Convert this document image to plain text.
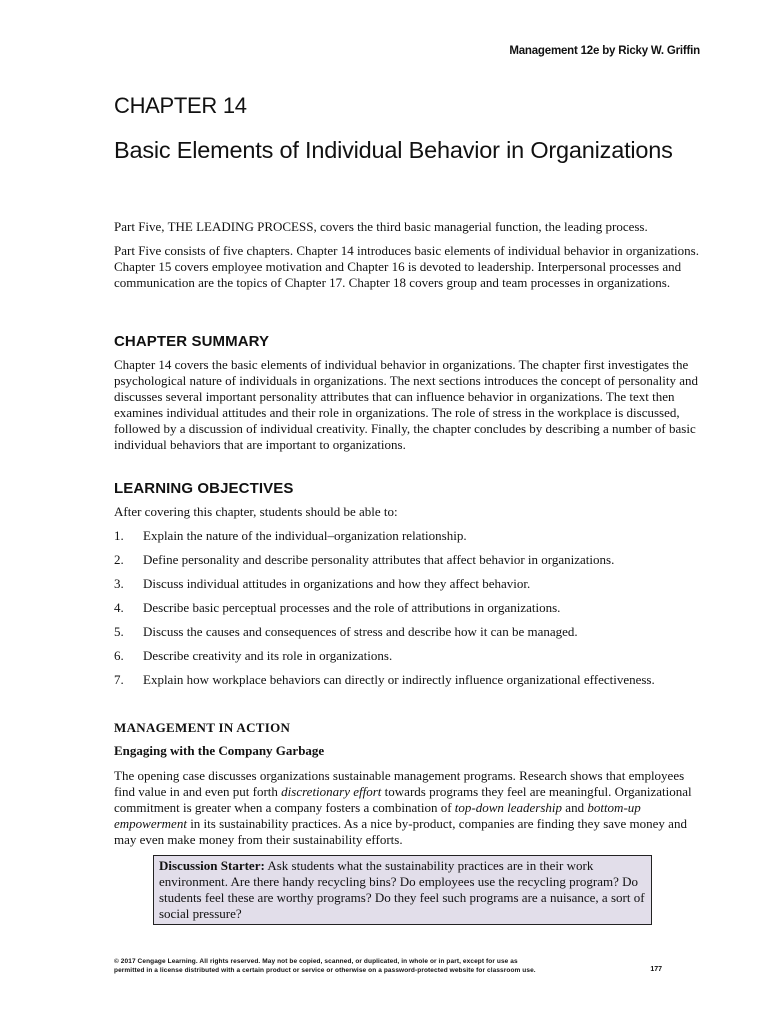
Management 12e by Ricky W. Griffin
CHAPTER 14
Basic Elements of Individual Behavior in Organizations

Part Five, THE LEADING PROCESS, covers the third basic managerial function, the leading process.

Part Five consists of five chapters. Chapter 14 introduces basic elements of individual behavior in organizations. Chapter 15 covers employee motivation and Chapter 16 is devoted to leadership. Interpersonal processes and communication are the topics of Chapter 17. Chapter 18 covers group and team processes in organizations.

CHAPTER SUMMARY

Chapter 14 covers the basic elements of individual behavior in organizations. The chapter first investigates the psychological nature of individuals in organizations. The next sections introduces the concept of personality and discusses several important personality attributes that can influence behavior in organizations. The text then examines individual attitudes and their role in organizations. The role of stress in the workplace is discussed, followed by a discussion of individual creativity. Finally, the chapter concludes by describing a number of basic individual behaviors that are important to organizations.

LEARNING OBJECTIVES

After covering this chapter, students should be able to:

1.	Explain the nature of the individual–organization relationship.
2.	Define personality and describe personality attributes that affect behavior in organizations.
3.	Discuss individual attitudes in organizations and how they affect behavior.
4.	Describe basic perceptual processes and the role of attributions in organizations.
5.	Discuss the causes and consequences of stress and describe how it can be managed.
6.	Describe creativity and its role in organizations.
7.	Explain how workplace behaviors can directly or indirectly influence organizational effectiveness.
MANAGEMENT IN ACTION
Engaging with the Company Garbage

The opening case discusses organizations sustainable management programs. Research shows that employees find value in and even put forth discretionary effort towards programs they feel are meaningful. Organizational commitment is greater when a company fosters a combination of top-down leadership and bottom-up empowerment in its sustainability practices. As a nice by-product, companies are finding they save money and may even make money from their sustainability efforts.

Discussion Starter: Ask students what the sustainability practices are in their work environment. Are there handy recycling bins? Do employees use the recycling program? Do students feel these are worthy programs? Do they feel such programs are a nuisance, a sort of social pressure?
© 2017 Cengage Learning. All rights reserved. May not be copied, scanned, or duplicated, in whole or in part, except for use as
permitted in a license distributed with a certain product or service or otherwise on a password-protected website for classroom use.	177
